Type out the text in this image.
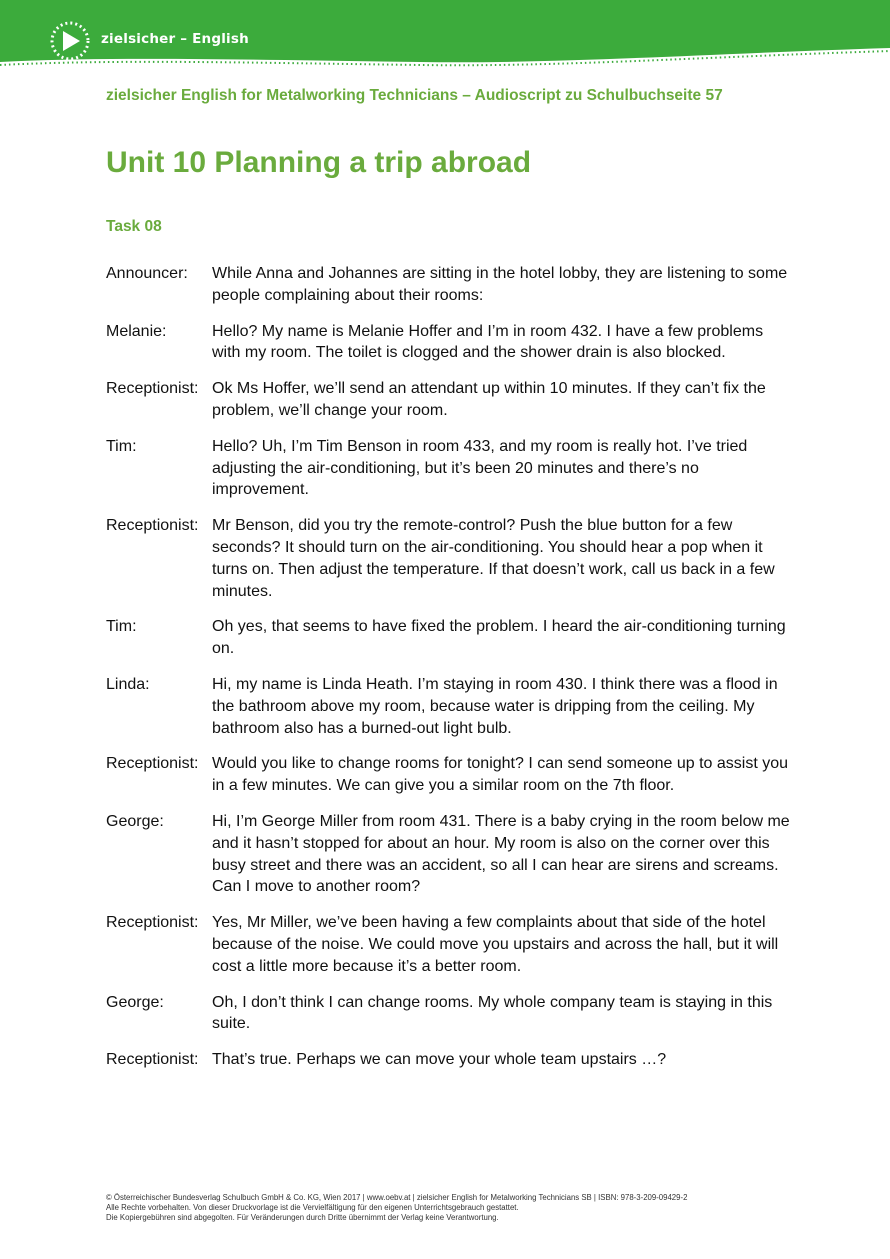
zielsicher – English
zielsicher English for Metalworking Technicians – Audioscript zu Schulbuchseite 57
Unit 10 Planning a trip abroad
Task 08
Announcer:	While Anna and Johannes are sitting in the hotel lobby, they are listening to some people complaining about their rooms:
Melanie:	Hello? My name is Melanie Hoffer and I’m in room 432. I have a few problems with my room. The toilet is clogged and the shower drain is also blocked.
Receptionist: Ok Ms Hoffer, we’ll send an attendant up within 10 minutes. If they can’t fix the problem, we’ll change your room.
Tim:	Hello? Uh, I’m Tim Benson in room 433, and my room is really hot. I’ve tried adjusting the air-conditioning, but it’s been 20 minutes and there’s no improvement.
Receptionist: Mr Benson, did you try the remote-control? Push the blue button for a few seconds? It should turn on the air-conditioning. You should hear a pop when it turns on. Then adjust the temperature. If that doesn’t work, call us back in a few minutes.
Tim:	Oh yes, that seems to have fixed the problem. I heard the air-conditioning turning on.
Linda:	Hi, my name is Linda Heath. I’m staying in room 430. I think there was a flood in the bathroom above my room, because water is dripping from the ceiling. My bathroom also has a burned-out light bulb.
Receptionist: Would you like to change rooms for tonight? I can send someone up to assist you in a few minutes. We can give you a similar room on the 7th floor.
George:	Hi, I’m George Miller from room 431. There is a baby crying in the room below me and it hasn’t stopped for about an hour. My room is also on the corner over this busy street and there was an accident, so all I can hear are sirens and screams. Can I move to another room?
Receptionist: Yes, Mr Miller, we’ve been having a few complaints about that side of the hotel because of the noise. We could move you upstairs and across the hall, but it will cost a little more because it’s a better room.
George:	Oh, I don’t think I can change rooms. My whole company team is staying in this suite.
Receptionist: That’s true. Perhaps we can move your whole team upstairs …?
© Österreichischer Bundesverlag Schulbuch GmbH & Co. KG, Wien 2017 | www.oebv.at | zielsicher English for Metalworking Technicians SB | ISBN: 978-3-209-09429-2
Alle Rechte vorbehalten. Von dieser Druckvorlage ist die Vervielfältigung für den eigenen Unterrichtsgebrauch gestattet.
Die Kopiergebühren sind abgegolten. Für Veränderungen durch Dritte übernimmt der Verlag keine Verantwortung.
